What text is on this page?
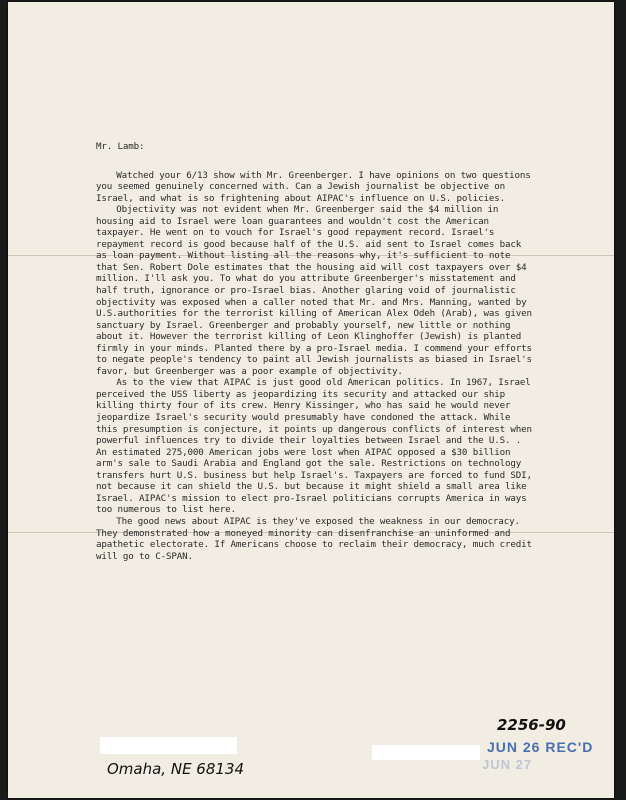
Mr. Lamb:

Watched your 6/13 show with Mr. Greenberger. I have opinions on two questions you seemed genuinely concerned with. Can a Jewish journalist be objective on Israel, and what is so frightening about AIPAC's influence on U.S. policies.

Objectivity was not evident when Mr. Greenberger said the $4 million in housing aid to Israel were loan guarantees and wouldn't cost the American taxpayer. He went on to vouch for Israel's good repayment record. Israel's repayment record is good because half of the U.S. aid sent to Israel comes back as loan payment. Without listing all the reasons why, it's sufficient to note that Sen. Robert Dole estimates that the housing aid will cost taxpayers over $4 million. I'll ask you. To what do you attribute Greenberger's misstatement and half truth, ignorance or pro-Israel bias. Another glaring void of journalistic objectivity was exposed when a caller noted that Mr. and Mrs. Manning, wanted by U.S.authorities for the terrorist killing of American Alex Odeh (Arab), was given sanctuary by Israel. Greenberger and probably yourself, new little or nothing about it. However the terrorist killing of Leon Klinghoffer (Jewish) is planted firmly in your minds. Planted there by a pro-Israel media. I commend your efforts to negate people's tendency to paint all Jewish journalists as biased in Israel's favor, but Greenberger was a poor example of objectivity.

As to the view that AIPAC is just good old American politics. In 1967, Israel perceived the USS liberty as jeopardizing its security and attacked our ship killing thirty four of its crew. Henry Kissinger, who has said he would never jeopardize Israel's security would presumably have condoned the attack. While this presumption is conjecture, it points up dangerous conflicts of interest when powerful influences try to divide their loyalties between Israel and the U.S. . An estimated 275,000 American jobs were lost when AIPAC opposed a $30 billion arm's sale to Saudi Arabia and England got the sale. Restrictions on technology transfers hurt U.S. business but help Israel's. Taxpayers are forced to fund SDI, not because it can shield the U.S. but because it might shield a small area like Israel. AIPAC's mission to elect pro-Israel politicians corrupts America in ways too numerous to list here.

The good news about AIPAC is they've exposed the weakness in our democracy. They demonstrated how a moneyed minority can disenfranchise an uninformed and apathetic electorate. If Americans choose to reclaim their democracy, much credit will go to C-SPAN.

2256-90
Omaha, NE 68134
JUN 26 REC'D
JUN 27
